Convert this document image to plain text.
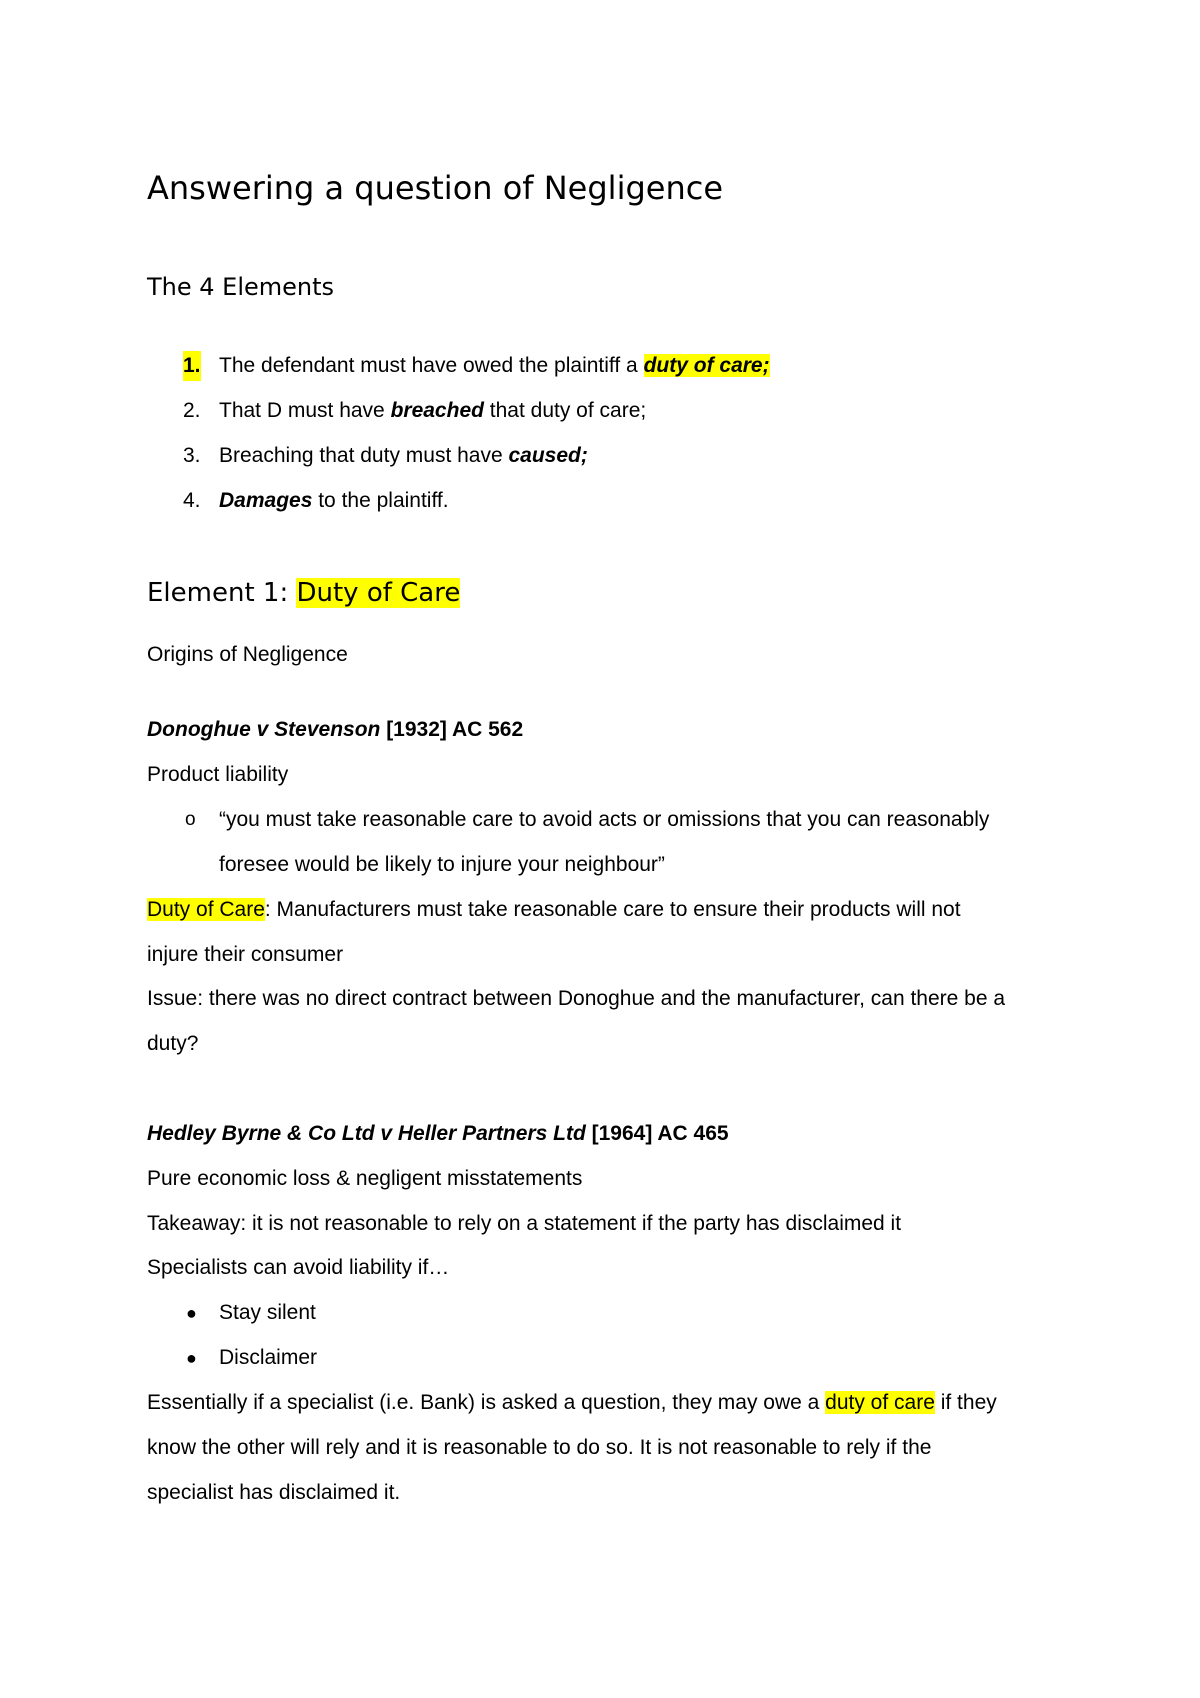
Answering a question of Negligence
The 4 Elements
1. The defendant must have owed the plaintiff a duty of care;
2. That D must have breached that duty of care;
3. Breaching that duty must have caused;
4. Damages to the plaintiff.
Element 1: Duty of Care
Origins of Negligence
Donoghue v Stevenson [1932] AC 562
Product liability
o “you must take reasonable care to avoid acts or omissions that you can reasonably
foresee would be likely to injure your neighbour”
Duty of Care: Manufacturers must take reasonable care to ensure their products will not
injure their consumer
Issue: there was no direct contract between Donoghue and the manufacturer, can there be a
duty?
Hedley Byrne & Co Ltd v Heller Partners Ltd [1964] AC 465
Pure economic loss & negligent misstatements
Takeaway: it is not reasonable to rely on a statement if the party has disclaimed it
Specialists can avoid liability if…
● Stay silent
● Disclaimer
Essentially if a specialist (i.e. Bank) is asked a question, they may owe a duty of care if they
know the other will rely and it is reasonable to do so. It is not reasonable to rely if the
specialist has disclaimed it.
